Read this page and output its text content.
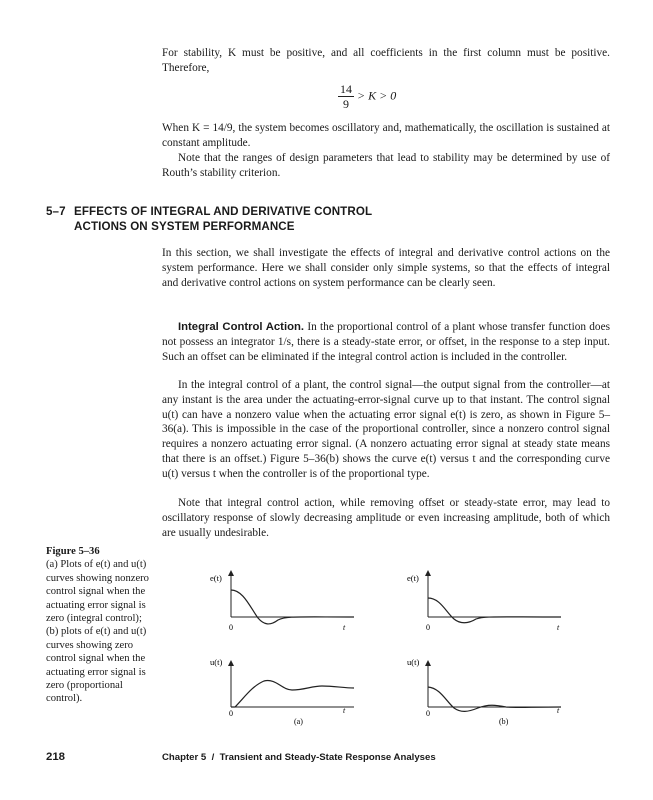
For stability, K must be positive, and all coefficients in the first column must be positive. Therefore,

$\frac{14}{9} > K > 0$

When K = 14/9, the system becomes oscillatory and, mathematically, the oscillation is sustained at constant amplitude.

Note that the ranges of design parameters that lead to stability may be determined by use of Routh’s stability criterion.

5–7 EFFECTS OF INTEGRAL AND DERIVATIVE CONTROL
ACTIONS ON SYSTEM PERFORMANCE

In this section, we shall investigate the effects of integral and derivative control actions on the system performance. Here we shall consider only simple systems, so that the effects of integral and derivative control actions on system performance can be clearly seen.

Integral Control Action. In the proportional control of a plant whose transfer function does not possess an integrator 1/s, there is a steady-state error, or offset, in the response to a step input. Such an offset can be eliminated if the integral control action is included in the controller.

In the integral control of a plant, the control signal—the output signal from the controller—at any instant is the area under the actuating-error-signal curve up to that instant. The control signal u(t) can have a nonzero value when the actuating error signal e(t) is zero, as shown in Figure 5–36(a). This is impossible in the case of the proportional controller, since a nonzero control signal requires a nonzero actuating error signal. (A nonzero actuating error signal at steady state means that there is an offset.) Figure 5–36(b) shows the curve e(t) versus t and the corresponding curve u(t) versus t when the controller is of the proportional type.

Note that integral control action, while removing offset or steady-state error, may lead to oscillatory response of slowly decreasing amplitude or even increasing amplitude, both of which are usually undesirable.

Figure 5–36
(a) Plots of e(t) and u(t) curves showing nonzero control signal when the actuating error signal is zero (integral control); (b) plots of e(t) and u(t) curves showing zero control signal when the actuating error signal is zero (proportional control).
e(t)
0	t
u(t)
0	t
(a)
e(t)
0	t
u(t)
0	t
(b)
218	Chapter 5  /  Transient and Steady-State Response Analyses
